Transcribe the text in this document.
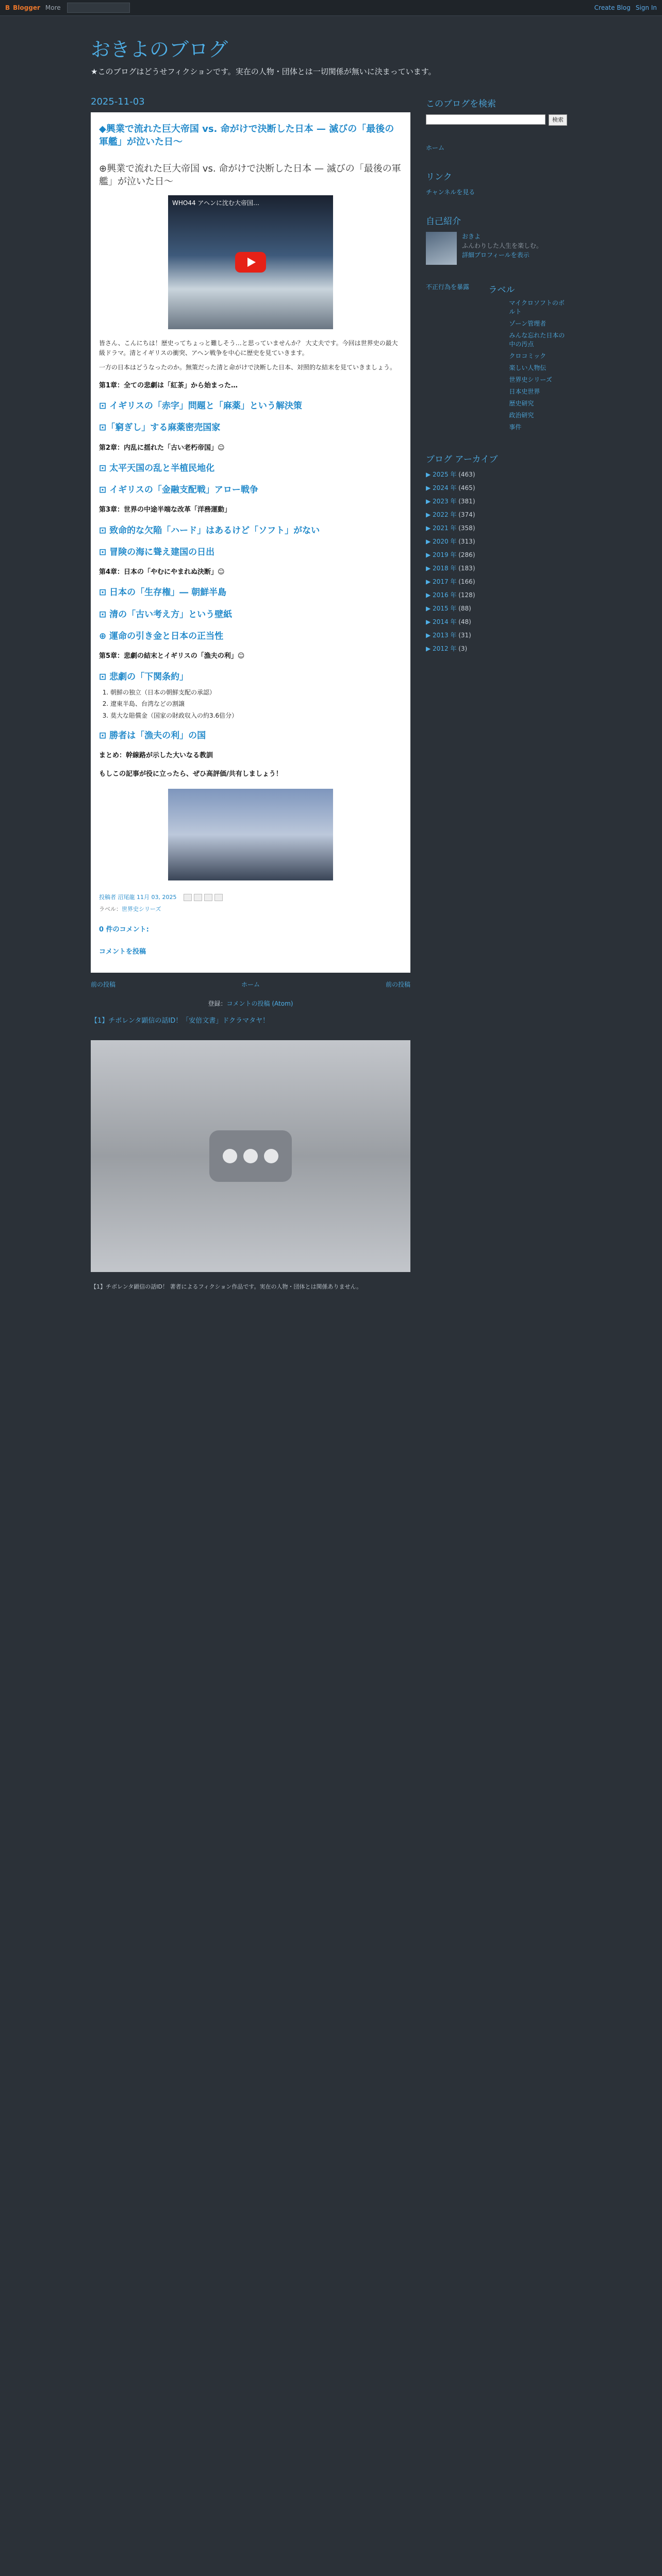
B Blogger More	Create Blog Sign In
おきよのブログ
★このブログはどうせフィクションです。実在の人物・団体とは一切関係が無いに決まっています。
2025-11-03
◆興業で流れた巨大帝国 vs. 命がけで決断した日本 — 滅びの「最後の軍艦」が泣いた日〜
⊕興業で流れた巨大帝国 vs. 命がけで決断した日本 — 滅びの「最後の軍艦」が泣いた日〜
WHO44 アヘンに沈む大帝国…

皆さん、こんにちは！歴史ってちょっと難しそう…と思っていませんか？ 大丈夫です。今回は世界史の最大級ドラマ。清とイギリスの衝突、アヘン戦争を中心に歴史を見ていきます。

一方の日本はどうなったのか。無策だった清と命がけで決断した日本、対照的な結末を見ていきましょう。

第1章：全ての悲劇は「紅茶」から始まった…
⊡ イギリスの「赤字」問題と「麻薬」という解決策
⊡「窮ぎし」する麻薬密売国家
第2章：内乱に揺れた「古い老朽帝国」☺
⊡ 太平天国の乱と半植民地化
⊡ イギリスの「金融支配戦」アロー戦争
第3章：世界の中途半端な改革「洋務運動」
⊡ 致命的な欠陥「ハード」はあるけど「ソフト」がない
⊡ 冒険の海に聳え建国の日出
第4章：日本の「やむにやまれぬ決断」☺
⊡ 日本の「生存権」― 朝鮮半島
⊡ 清の「古い考え方」という壁紙
⊕ 運命の引き金と日本の正当性
第5章：悲劇の結末とイギリスの「漁夫の利」☺
⊡ 悲劇の「下関条約」
1. 朝鮮の独立（日本の朝鮮支配の承認）
2. 遼東半島、台湾などの割譲
3. 莫大な賠償金（国家の財政収入の約3.6倍分）
⊡ 勝者は「漁夫の利」の国
まとめ：幹線路が示した大いなる教訓
もしこの記事が役に立ったら、ぜひ高評価/共有しましょう！
投稿者 沼尾龍 11月 03, 2025
ラベル：世界史シリーズ
0 件のコメント:
コメントを投稿
前の投稿	ホーム	前の投稿
登録：コメントの投稿 (Atom)
【1】チボレンタ顕信の話ID！「安倍文書」ドクラマタヤ！
【1】チボレンタ顕信の話ID！ 著者によるフィクション作品です。実在の人物・団体とは関係ありません。
このブログを検索
検索
ホーム
リンク
チャンネルを見る
自己紹介
おきよ
ふんわりした人生を楽しむ。
詳細プロフィールを表示
不正行為を暴露	ラベル
マイクロソフトのボルト
ゾーン管理者
みんな忘れた日本の中の汚点
クロコミック
楽しい人物伝
世界史シリーズ
日本史世界
歴史研究
政治研究
事件
ブログ アーカイブ
▶ 2025 年 (463)
▶ 2024 年 (465)
▶ 2023 年 (381)
▶ 2022 年 (374)
▶ 2021 年 (358)
▶ 2020 年 (313)
▶ 2019 年 (286)
▶ 2018 年 (183)
▶ 2017 年 (166)
▶ 2016 年 (128)
▶ 2015 年 (88)
▶ 2014 年 (48)
▶ 2013 年 (31)
▶ 2012 年 (3)
